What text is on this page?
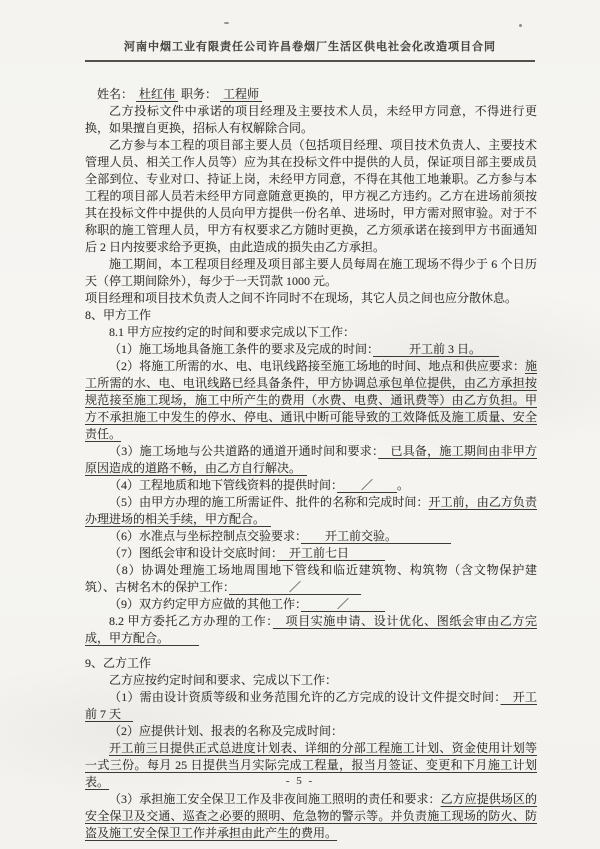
河南中烟工业有限责任公司许昌卷烟厂生活区供电社会化改造项目合同

姓名：  杜红伟  职务：  工程师

乙方投标文件中承诺的项目经理及主要技术人员，未经甲方同意，不得进行更换，如果擅自更换，招标人有权解除合同。

乙方参与本工程的项目部主要人员（包括项目经理、项目技术负责人、主要技术管理人员、相关工作人员等）应为其在投标文件中提供的人员，保证项目部主要成员全部到位、专业对口、持证上岗，未经甲方同意，不得在其他工地兼职。乙方参与本工程的项目部人员若未经甲方同意随意更换的，甲方视乙方违约。乙方在进场前须按其在投标文件中提供的人员向甲方提供一份名单、进场时，甲方需对照审验。对于不称职的施工管理人员，甲方有权要求乙方随时更换，乙方须承诺在接到甲方书面通知后 2 日内按要求给予更换，由此造成的损失由乙方承担。

施工期间，本工程项目经理及项目部主要人员每周在施工现场不得少于 6 个日历天（停工期间除外），每少于一天罚款 1000 元。

项目经理和项目技术负责人之间不许同时不在现场，其它人员之间也应分散休息。

8、甲方工作

8.1 甲方应按约定的时间和要求完成以下工作：

（1）施工场地具备施工条件的要求及完成的时间：　　　开工前 3 日。　　

（2）将施工所需的水、电、电讯线路接至施工场地的时间、地点和供应要求：施工所需的水、电、电讯线路已经具备条件，甲方协调总承包单位提供，由乙方承担按规范接至施工现场，施工中所产生的费用（水费、电费、通讯费等）由乙方负担。甲方不承担施工中发生的停水、停电、通讯中断可能导致的工效降低及施工质量、安全责任。

（3）施工场地与公共道路的通道开通时间和要求：　已具备，施工期间由非甲方原因造成的道路不畅，由乙方自行解决。　

（4）工程地质和地下管线资料的提供时间：　　／　　。

（5）由甲方办理的施工所需证件、批件的名称和完成时间：开工前，由乙方负责办理进场的相关手续，甲方配合。　

（6）水准点与坐标控制点交验要求：　　开工前交验。　　　　　

（7）图纸会审和设计交底时间：　开工前七日　　　

（8）协调处理施工场地周围地下管线和临近建筑物、构筑物（含文物保护建筑）、古树名木的保护工作：　　　　　／　　　　　

（9）双方约定甲方应做的其他工作：　　　／　　　

8.2 甲方委托乙方办理的工作：　项目实施申请、设计优化、图纸会审由乙方完成，甲方配合。　　　

9、乙方工作

乙方应按约定时间和要求、完成以下工作：

（1）需由设计资质等级和业务范围允许的乙方完成的设计文件提交时间：　开工前 7 天　

（2）应提供计划、报表的名称及完成时间：

开工前三日提供正式总进度计划表、详细的分部工程施工计划、资金使用计划等一式三份。每月 25 日提供当月实际完成工程量，报当月签证、变更和下月施工计划表。

（3）承担施工安全保卫工作及非夜间施工照明的责任和要求：乙方应提供场区的安全保卫及交通、巡查之必要的照明、危急物的警示等。并负责施工现场的防火、防盗及施工安全保卫工作并承担由此产生的费用。

- 5 -
